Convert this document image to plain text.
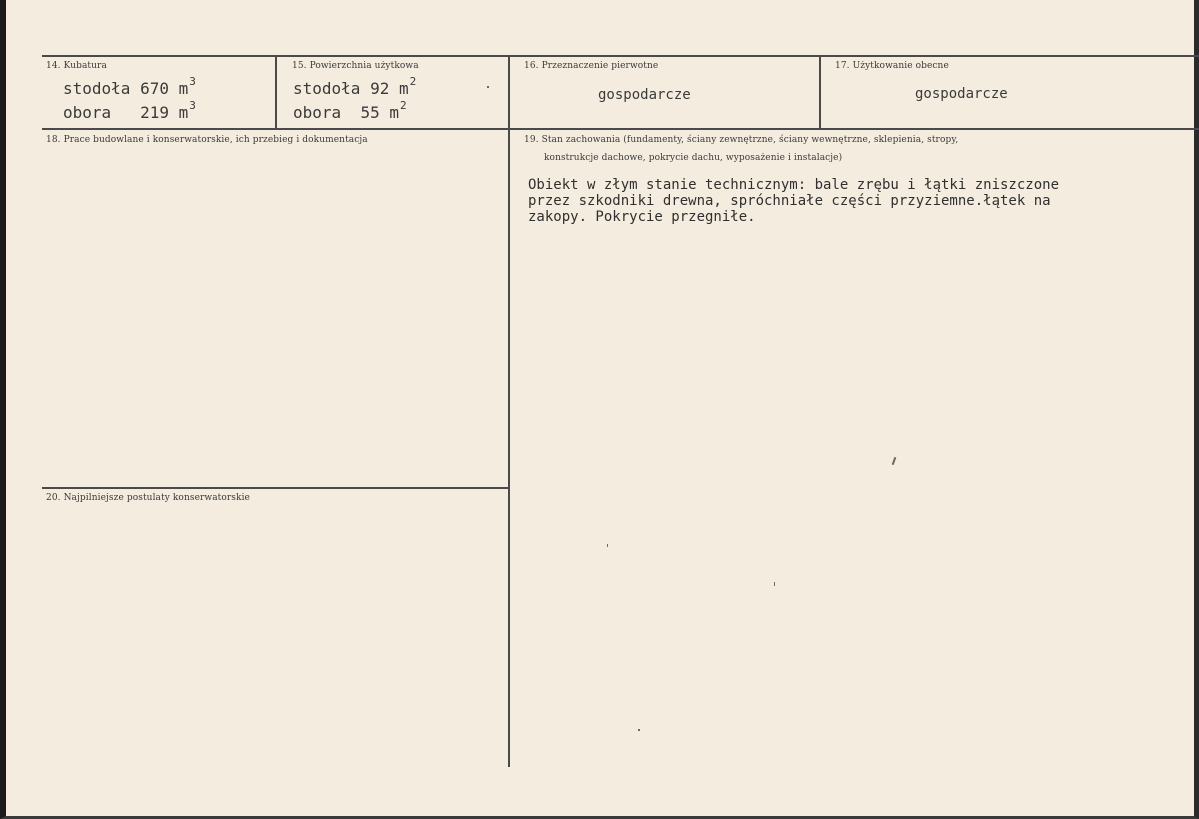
14. Kubatura
stodoła 670 $m^3$
obora 219 $m^3$
15. Powierzchnia użytkowa
stodoła 92 $m^2$
obora 55 $m^2$
16. Przeznaczenie pierwotne
gospodarcze
17. Użytkowanie obecne
gospodarcze
18. Prace budowlane i konserwatorskie, ich przebieg i dokumentacja	19. Stan zachowania (fundamenty, ściany zewnętrzne, ściany wewnętrzne, sklepienia, stropy,
konstrukcje dachowe, pokrycie dachu, wyposażenie i instalacje)
Obiekt w złym stanie technicznym: bale zrębu i łątki zniszczone
przez szkodniki drewna, spróchniałe części przyziemne.łątek na
zakopy. Pokrycie przegniłe.
20. Najpilniejsze postulaty konserwatorskie
